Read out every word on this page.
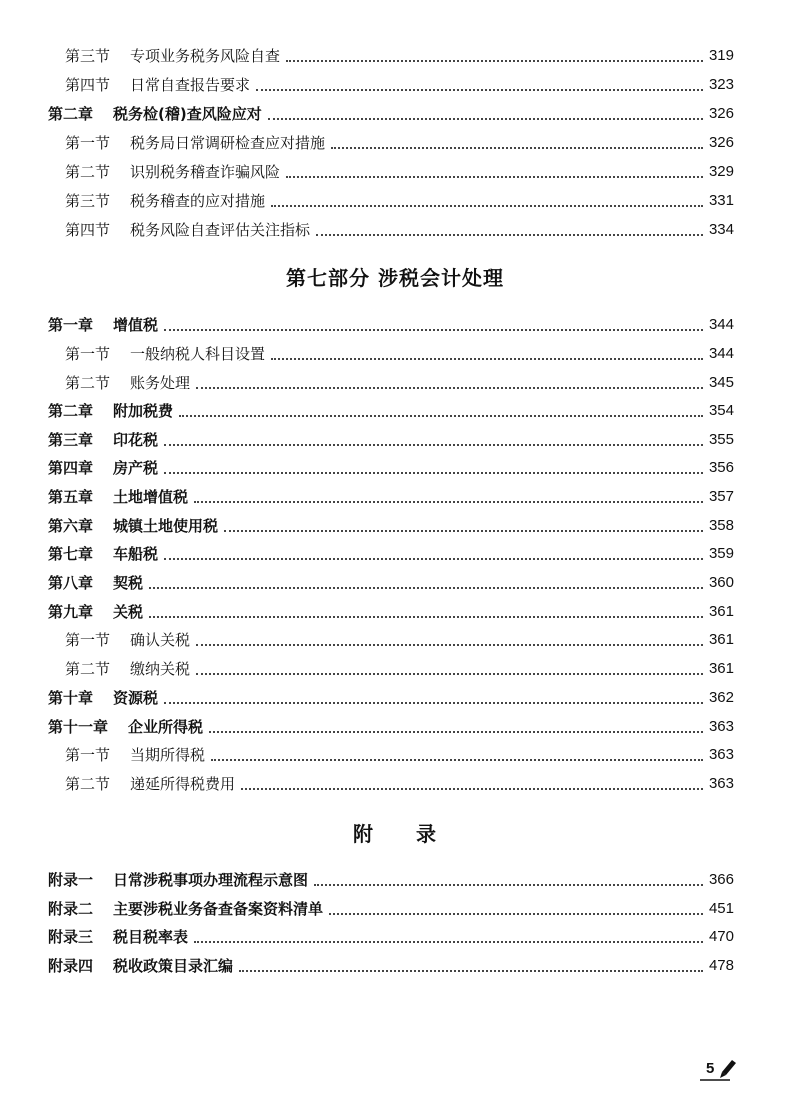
第三节 专项业务税务风险自查	319
第四节 日常自查报告要求	323
第二章 税务检(稽)查风险应对	326
第一节 税务局日常调研检查应对措施	326
第二节 识别税务稽查诈骗风险	329
第三节 税务稽查的应对措施	331
第四节 税务风险自查评估关注指标	334
第七部分 涉税会计处理
第一章 增值税	344
第一节 一般纳税人科目设置	344
第二节 账务处理	345
第二章 附加税费	354
第三章 印花税	355
第四章 房产税	356
第五章 土地增值税	357
第六章 城镇土地使用税	358
第七章 车船税	359
第八章 契税	360
第九章 关税	361
第一节 确认关税	361
第二节 缴纳关税	361
第十章 资源税	362
第十一章 企业所得税	363
第一节 当期所得税	363
第二节 递延所得税费用	363
附　　录
附录一 日常涉税事项办理流程示意图	366
附录二 主要涉税业务备查备案资料清单	451
附录三 税目税率表	470
附录四 税收政策目录汇编	478
5
